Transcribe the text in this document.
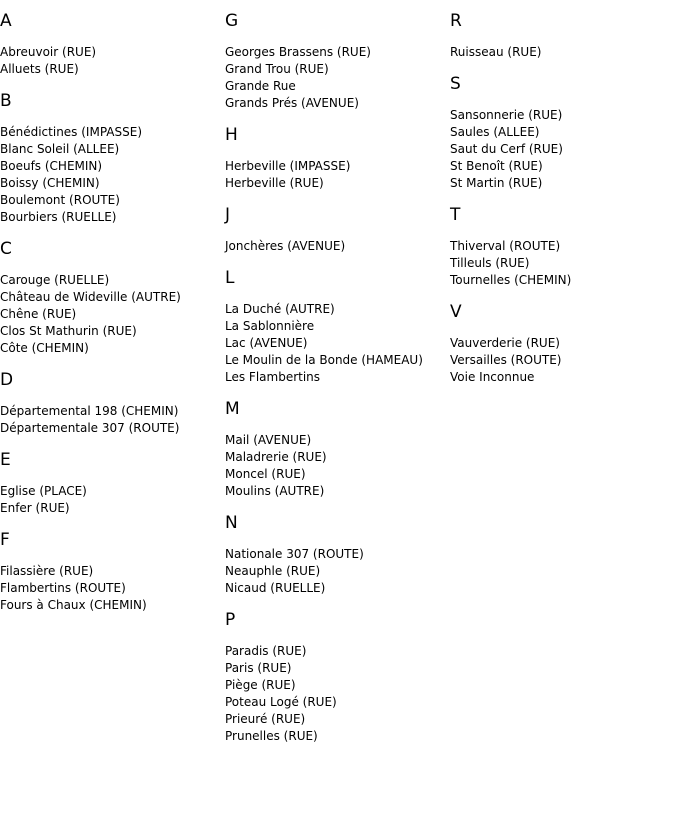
A
Abreuvoir (RUE)
Alluets (RUE)
B
Bénédictines (IMPASSE)
Blanc Soleil (ALLEE)
Boeufs (CHEMIN)
Boissy (CHEMIN)
Boulemont (ROUTE)
Bourbiers (RUELLE)
C
Carouge (RUELLE)
Château de Wideville (AUTRE)
Chêne (RUE)
Clos St Mathurin (RUE)
Côte (CHEMIN)
D
Départemental 198 (CHEMIN)
Départementale 307 (ROUTE)
E
Eglise (PLACE)
Enfer (RUE)
F
Filassière (RUE)
Flambertins (ROUTE)
Fours à Chaux (CHEMIN)
G
Georges Brassens (RUE)
Grand Trou (RUE)
Grande Rue
Grands Prés (AVENUE)
H
Herbeville (IMPASSE)
Herbeville (RUE)
J
Jonchères (AVENUE)
L
La Duché (AUTRE)
La Sablonnière
Lac (AVENUE)
Le Moulin de la Bonde (HAMEAU)
Les Flambertins
M
Mail (AVENUE)
Maladrerie (RUE)
Moncel (RUE)
Moulins (AUTRE)
N
Nationale 307 (ROUTE)
Neauphle (RUE)
Nicaud (RUELLE)
P
Paradis (RUE)
Paris (RUE)
Piège (RUE)
Poteau Logé (RUE)
Prieuré (RUE)
Prunelles (RUE)
R
Ruisseau (RUE)
S
Sansonnerie (RUE)
Saules (ALLEE)
Saut du Cerf (RUE)
St Benoît (RUE)
St Martin (RUE)
T
Thiverval (ROUTE)
Tilleuls (RUE)
Tournelles (CHEMIN)
V
Vauverderie (RUE)
Versailles (ROUTE)
Voie Inconnue
